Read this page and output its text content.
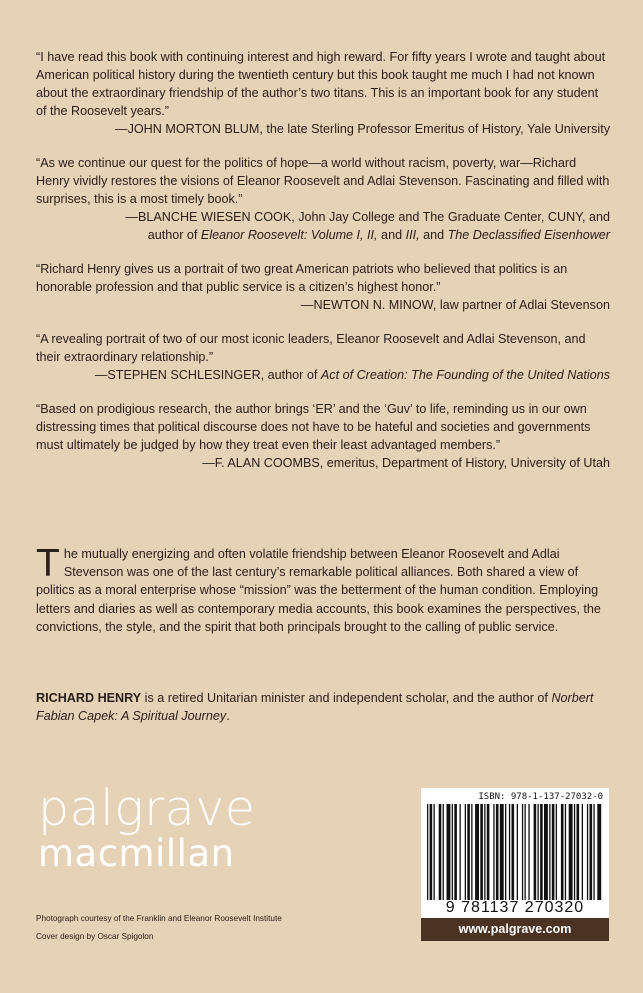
“I have read this book with continuing interest and high reward. For fifty years I wrote and taught about American political history during the twentieth century but this book taught me much I had not known about the extraordinary friendship of the author’s two titans. This is an important book for any student of the Roosevelt years.”

—JOHN MORTON BLUM, the late Sterling Professor Emeritus of History, Yale University

“As we continue our quest for the politics of hope—a world without racism, poverty, war—Richard Henry vividly restores the visions of Eleanor Roosevelt and Adlai Stevenson. Fascinating and filled with surprises, this is a most timely book.”

—BLANCHE WIESEN COOK, John Jay College and The Graduate Center, CUNY, and
author of Eleanor Roosevelt: Volume I, II, and III, and The Declassified Eisenhower

“Richard Henry gives us a portrait of two great American patriots who believed that politics is an honorable profession and that public service is a citizen’s highest honor.”

—NEWTON N. MINOW, law partner of Adlai Stevenson

“A revealing portrait of two of our most iconic leaders, Eleanor Roosevelt and Adlai Stevenson, and their extraordinary relationship.”

—STEPHEN SCHLESINGER, author of Act of Creation: The Founding of the United Nations

“Based on prodigious research, the author brings ‘ER’ and the ‘Guv’ to life, reminding us in our own distressing times that political discourse does not have to be hateful and societies and governments must ultimately be judged by how they treat even their least advantaged members.”

—F. ALAN COOMBS, emeritus, Department of History, University of Utah

The mutually energizing and often volatile friendship between Eleanor Roosevelt and Adlai Stevenson was one of the last century’s remarkable political alliances. Both shared a view of politics as a moral enterprise whose “mission” was the betterment of the human condition. Employing letters and diaries as well as contemporary media accounts, this book examines the perspectives, the convictions, the style, and the spirit that both principals brought to the calling of public service.

RICHARD HENRY is a retired Unitarian minister and independent scholar, and the author of Norbert Fabian Capek: A Spiritual Journey.

palgrave
macmillan
Photograph courtesy of the Franklin and Eleanor Roosevelt Institute
Cover design by Oscar Spigolon
ISBN: 978-1-137-27032-0
9 781137 270320
www.palgrave.com
